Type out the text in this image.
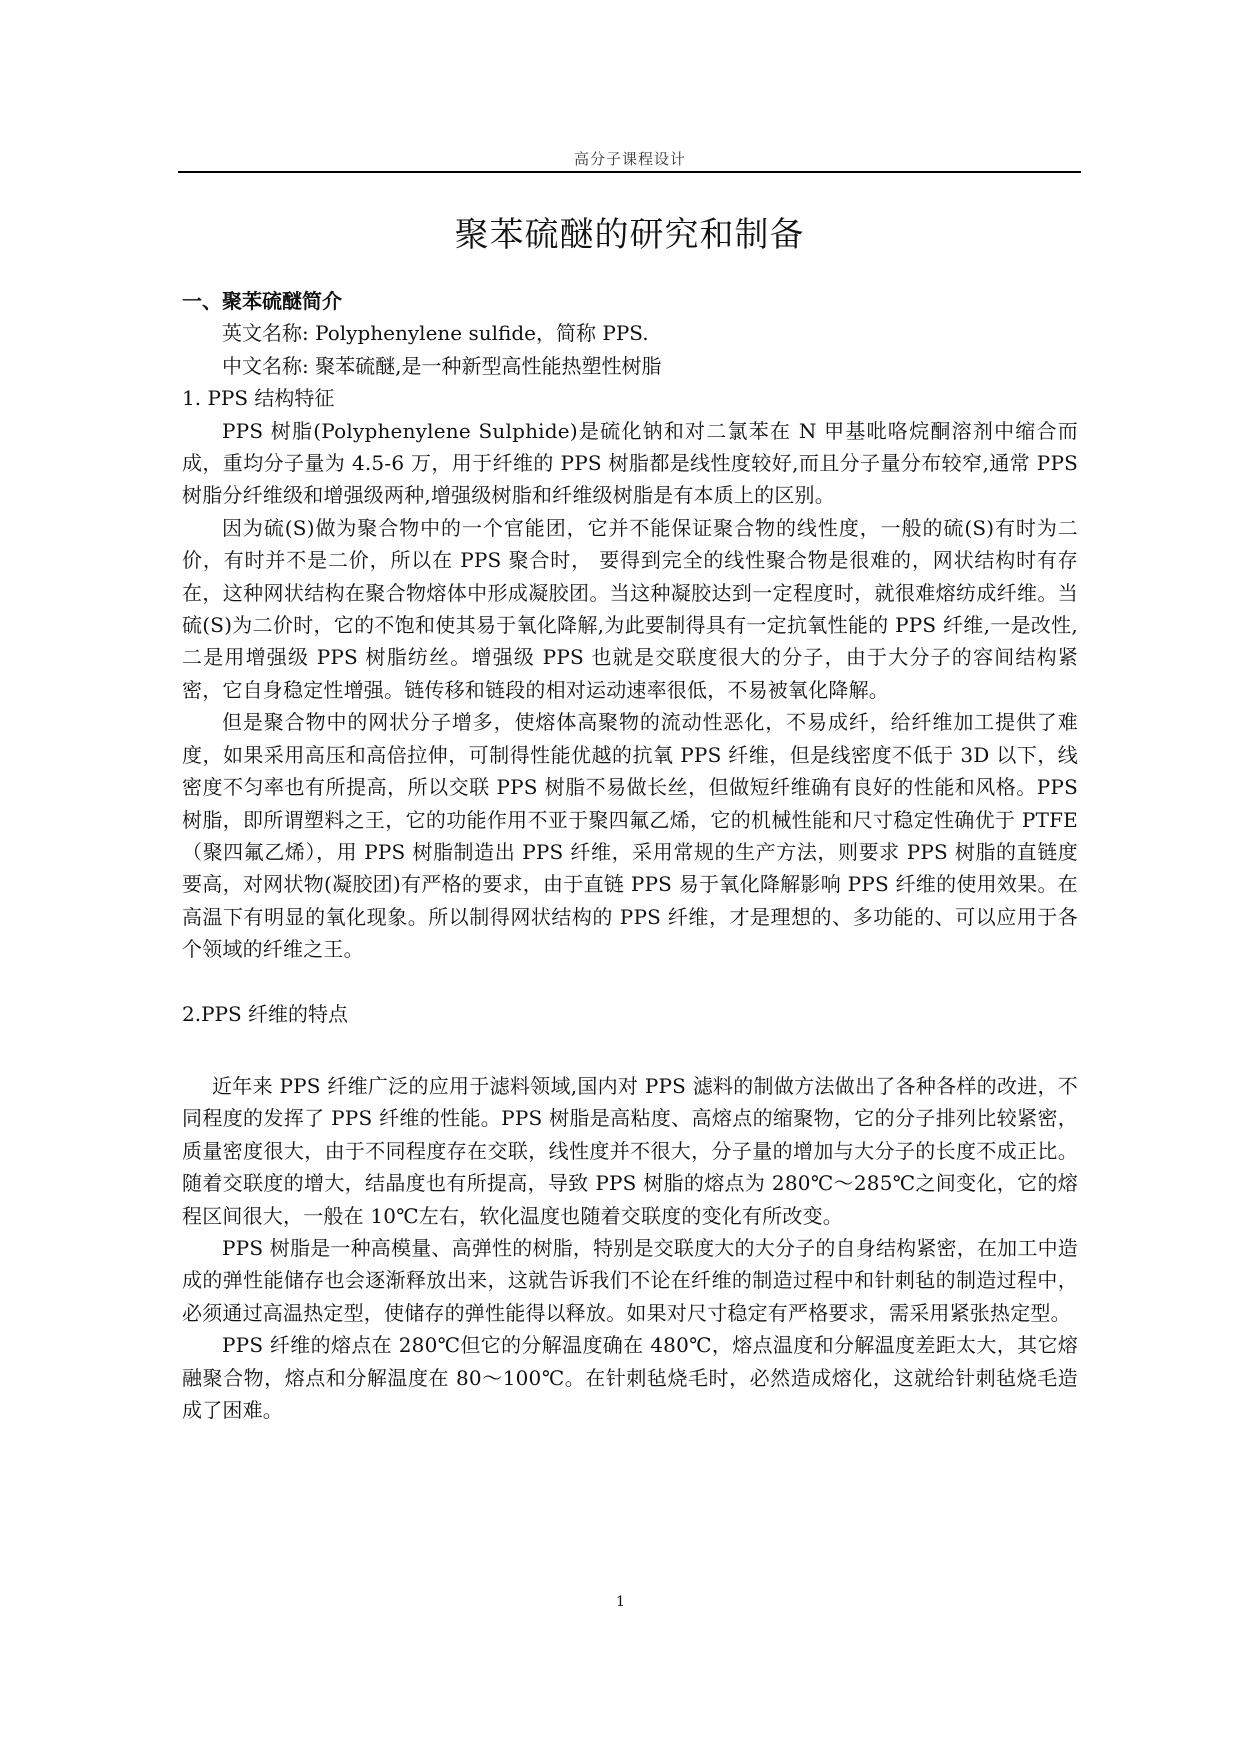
高分子课程设计
聚苯硫醚的研究和制备
一、聚苯硫醚简介

英文名称: Polyphenylene sulfide，简称 PPS.

中文名称: 聚苯硫醚,是一种新型高性能热塑性树脂

1. PPS 结构特征

PPS 树脂(Polyphenylene Sulphide)是硫化钠和对二氯苯在 N 甲基吡咯烷酮溶剂中缩合而成，重均分子量为 4.5-6 万，用于纤维的 PPS 树脂都是线性度较好,而且分子量分布较窄,通常 PPS 树脂分纤维级和增强级两种,增强级树脂和纤维级树脂是有本质上的区别。

因为硫(S)做为聚合物中的一个官能团，它并不能保证聚合物的线性度，一般的硫(S)有时为二价，有时并不是二价，所以在 PPS 聚合时， 要得到完全的线性聚合物是很难的，网状结构时有存在，这种网状结构在聚合物熔体中形成凝胶团。当这种凝胶达到一定程度时，就很难熔纺成纤维。当硫(S)为二价时，它的不饱和使其易于氧化降解,为此要制得具有一定抗氧性能的 PPS 纤维,一是改性,二是用增强级 PPS 树脂纺丝。增强级 PPS 也就是交联度很大的分子，由于大分子的容间结构紧密，它自身稳定性增强。链传移和链段的相对运动速率很低，不易被氧化降解。

但是聚合物中的网状分子增多，使熔体高聚物的流动性恶化，不易成纤，给纤维加工提供了难度，如果采用高压和高倍拉伸，可制得性能优越的抗氧 PPS 纤维，但是线密度不低于 3D 以下，线密度不匀率也有所提高，所以交联 PPS 树脂不易做长丝，但做短纤维确有良好的性能和风格。PPS 树脂，即所谓塑料之王，它的功能作用不亚于聚四氟乙烯，它的机械性能和尺寸稳定性确优于 PTFE（聚四氟乙烯），用 PPS 树脂制造出 PPS 纤维，采用常规的生产方法，则要求 PPS 树脂的直链度要高，对网状物(凝胶团)有严格的要求，由于直链 PPS 易于氧化降解影响 PPS 纤维的使用效果。在高温下有明显的氧化现象。所以制得网状结构的 PPS 纤维，才是理想的、多功能的、可以应用于各个领域的纤维之王。

2.PPS 纤维的特点

近年来 PPS 纤维广泛的应用于滤料领域,国内对 PPS 滤料的制做方法做出了各种各样的改进，不同程度的发挥了 PPS 纤维的性能。PPS 树脂是高粘度、高熔点的缩聚物，它的分子排列比较紧密，质量密度很大，由于不同程度存在交联，线性度并不很大，分子量的增加与大分子的长度不成正比。随着交联度的增大，结晶度也有所提高，导致 PPS 树脂的熔点为 280℃～285℃之间变化，它的熔程区间很大，一般在 10℃左右，软化温度也随着交联度的变化有所改变。

PPS 树脂是一种高模量、高弹性的树脂，特别是交联度大的大分子的自身结构紧密，在加工中造成的弹性能储存也会逐渐释放出来，这就告诉我们不论在纤维的制造过程中和针刺毡的制造过程中，必须通过高温热定型，使储存的弹性能得以释放。如果对尺寸稳定有严格要求，需采用紧张热定型。

PPS 纤维的熔点在 280℃但它的分解温度确在 480℃，熔点温度和分解温度差距太大，其它熔融聚合物，熔点和分解温度在 80～100℃。在针刺毡烧毛时，必然造成熔化，这就给针刺毡烧毛造成了困难。

1
